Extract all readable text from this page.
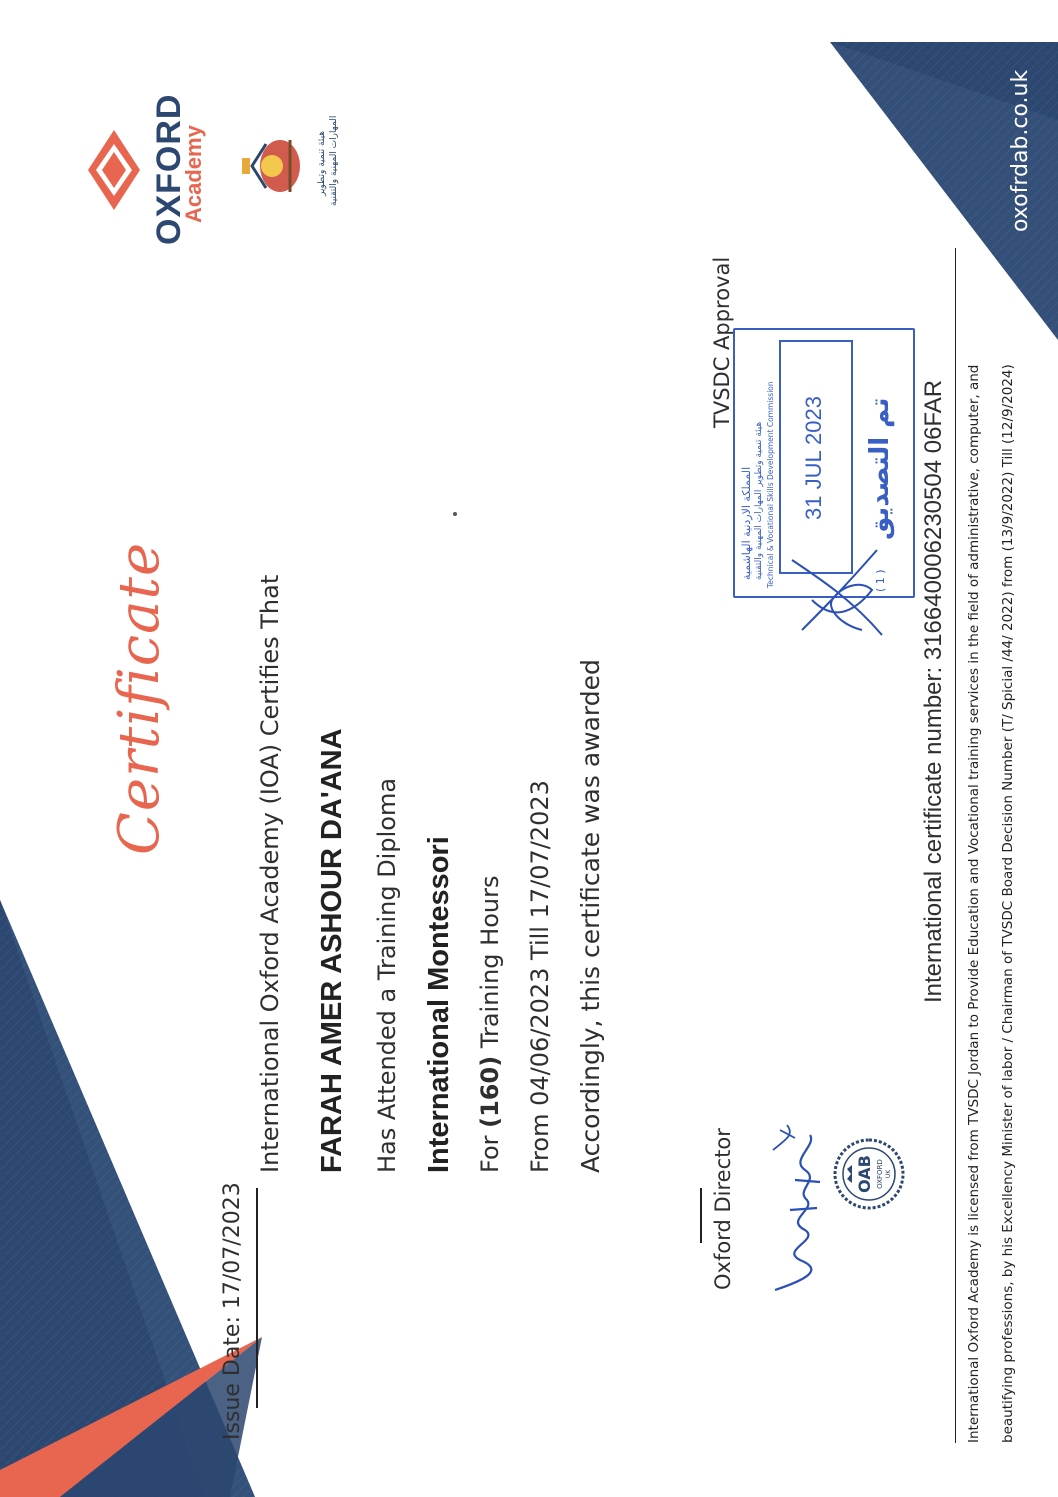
Certificate	International Oxford Academy (IOA) Certifies That FARAH AMER ASHOUR DA'ANA Has Attended a Training Diploma International Montessori For (160) Training Hours From 04/06/2023 Till 17/07/2023 Accordingly, this certificate was awarded
Issue Date: 17/07/2023	Oxford Director	OAB OXFORD UK
TVSDC Approval
المملكة الاردنية الهاشمية هيئة تنمية وتطوير المهارات المهنية والتقنية Technical & Vocational Skills Development Commission 31 JUL 2023 تم التصديق
( 1 )
International certificate number: 316640006230504 06FAR International Oxford Academy is licensed from TVSDC Jordan to Provide Education and Vocational training services in the field of administrative, computer, and beautifying professions, by his Excellency Minister of labor / Chairman of TVSDC Board Decision Number (T/ Spicial /44/ 2022) from (13/9/2022) Till (12/9/2024)
oxofrdab.co.uk
OXFORD
Academy	هيئة تنمية وتطوير المهارات المهنية والتقنية
